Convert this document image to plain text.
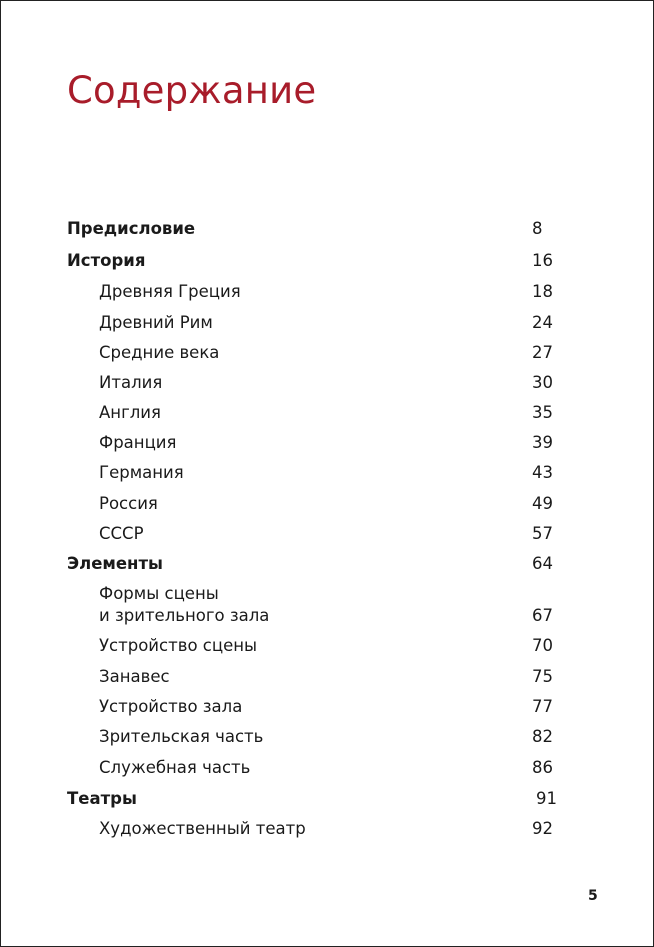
Содержание
Предисловие	8
История	16
Древняя Греция	18
Древний Рим	24
Средние века	27
Италия	30
Англия	35
Франция	39
Германия	43
Россия	49
СССР	57
Элементы	64
Формы сцены
и зрительного зала	67
Устройство сцены	70
Занавес	75
Устройство зала	77
Зрительская часть	82
Служебная часть	86
Театры	91
Художественный театр	92
5
